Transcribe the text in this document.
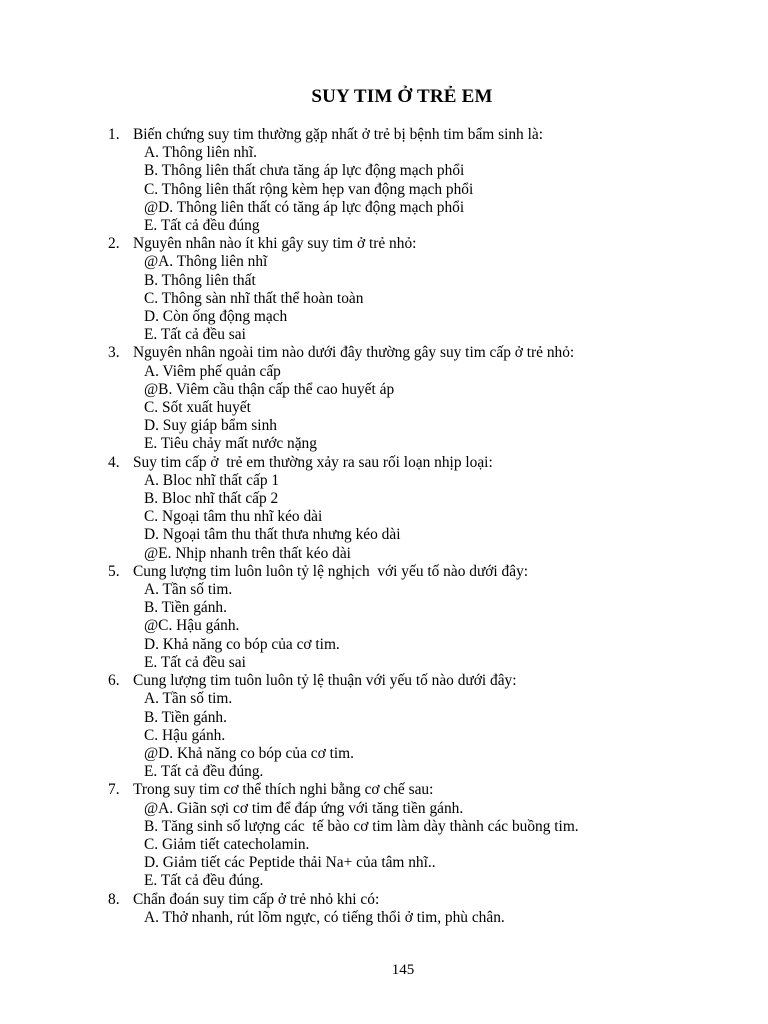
SUY TIM Ở TRẺ EM
1. Biến chứng suy tim thường gặp nhất ở trẻ bị bệnh tim bẩm sinh là:
A. Thông liên nhĩ.
B. Thông liên thất chưa tăng áp lực động mạch phổi
C. Thông liên thất rộng kèm hẹp van động mạch phổi
@D. Thông liên thất có tăng áp lực động mạch phổi
E. Tất cả đều đúng
2. Nguyên nhân nào ít khi gây suy tim ở trẻ nhỏ:
@A. Thông liên nhĩ
B. Thông liên thất
C. Thông sàn nhĩ thất thể hoàn toàn
D. Còn ống động mạch
E. Tất cả đều sai
3. Nguyên nhân ngoài tim nào dưới đây thường gây suy tim cấp ở trẻ nhỏ:
A. Viêm phế quản cấp
@B. Viêm cầu thận cấp thể cao huyết áp
C. Sốt xuất huyết
D. Suy giáp bẩm sinh
E. Tiêu chảy mất nước nặng
4. Suy tim cấp ở  trẻ em thường xảy ra sau rối loạn nhịp loại:
A. Bloc nhĩ thất cấp 1
B. Bloc nhĩ thất cấp 2
C. Ngoại tâm thu nhĩ kéo dài
D. Ngoại tâm thu thất thưa nhưng kéo dài
@E. Nhịp nhanh trên thất kéo dài
5. Cung lượng tim luôn luôn tỷ lệ nghịch  với yếu tố nào dưới đây:
A. Tần số tim.
B. Tiền gánh.
@C. Hậu gánh.
D. Khả năng co bóp của cơ tim.
E. Tất cả đều sai
6. Cung lượng tim tuôn luôn tỷ lệ thuận với yếu tố nào dưới đây:
A. Tần số tim.
B. Tiền gánh.
C. Hậu gánh.
@D. Khả năng co bóp của cơ tim.
E. Tất cả đều đúng.
7. Trong suy tim cơ thể thích nghi bằng cơ chế sau:
@A. Giãn sợi cơ tim để đáp ứng với tăng tiền gánh.
B. Tăng sinh số lượng các  tế bào cơ tim làm dày thành các buồng tim.
C. Giảm tiết catecholamin.
D. Giảm tiết các Peptide thải Na+ của tâm nhĩ..
E. Tất cả đều đúng.
8. Chẩn đoán suy tim cấp ở trẻ nhỏ khi có:
A. Thở nhanh, rút lõm ngực, có tiếng thổi ở tim, phù chân.
145
